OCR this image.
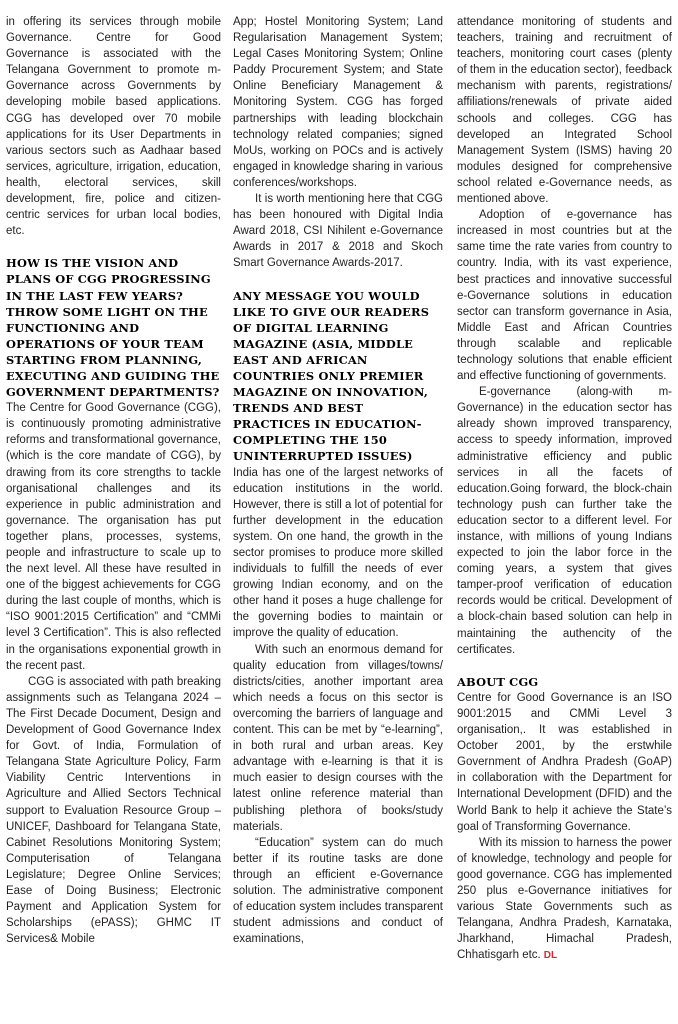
in offering its services through mobile Governance. Centre for Good Governance is associated with the Telangana Government to promote m-Governance across Governments by developing mobile based applications. CGG has developed over 70 mobile applications for its User Departments in various sectors such as Aadhaar based services, agriculture, irrigation, education, health, electoral services, skill development, fire, police and citizen-centric services for urban local bodies, etc.

HOW IS THE VISION AND PLANS OF CGG PROGRESSING IN THE LAST FEW YEARS? THROW SOME LIGHT ON THE FUNCTIONING AND OPERATIONS OF YOUR TEAM STARTING FROM PLANNING, EXECUTING AND GUIDING THE GOVERNMENT DEPARTMENTS?

The Centre for Good Governance (CGG), is continuously promoting administrative reforms and transformational governance, (which is the core mandate of CGG), by drawing from its core strengths to tackle organisational challenges and its experience in public administration and governance. The organisation has put together plans, processes, systems, people and infrastructure to scale up to the next level. All these have resulted in one of the biggest achievements for CGG during the last couple of months, which is “ISO 9001:2015 Certification” and “CMMi level 3 Certification”. This is also reflected in the organisations exponential growth in the recent past.

CGG is associated with path breaking assignments such as Telangana 2024 – The First Decade Document, Design and Development of Good Governance Index for Govt. of India, Formulation of Telangana State Agriculture Policy, Farm Viability Centric Interventions in Agriculture and Allied Sectors Technical support to Evaluation Resource Group – UNICEF, Dashboard for Telangana State, Cabinet Resolutions Monitoring System; Computerisation of Telangana Legislature; Degree Online Services; Ease of Doing Business; Electronic Payment and Application System for Scholarships (ePASS); GHMC IT Services& Mobile

App; Hostel Monitoring System; Land Regularisation Management System; Legal Cases Monitoring System; Online Paddy Procurement System; and State Online Beneficiary Management & Monitoring System. CGG has forged partnerships with leading blockchain technology related companies; signed MoUs, working on POCs and is actively engaged in knowledge sharing in various conferences/workshops.

It is worth mentioning here that CGG has been honoured with Digital India Award 2018, CSI Nihilent e-Governance Awards in 2017 & 2018 and Skoch Smart Governance Awards-2017.

ANY MESSAGE YOU WOULD LIKE TO GIVE OUR READERS OF DIGITAL LEARNING MAGAZINE (ASIA, MIDDLE EAST AND AFRICAN COUNTRIES ONLY PREMIER MAGAZINE ON INNOVATION, TRENDS AND BEST PRACTICES IN EDUCATION-COMPLETING THE 150 UNINTERRUPTED ISSUES)

India has one of the largest networks of education institutions in the world. However, there is still a lot of potential for further development in the education system. On one hand, the growth in the sector promises to produce more skilled individuals to fulfill the needs of ever growing Indian economy, and on the other hand it poses a huge challenge for the governing bodies to maintain or improve the quality of education.

With such an enormous demand for quality education from villages/towns/ districts/cities, another important area which needs a focus on this sector is overcoming the barriers of language and content. This can be met by “e-learning”, in both rural and urban areas. Key advantage with e-learning is that it is much easier to design courses with the latest online reference material than publishing plethora of books/study materials.

“Education” system can do much better if its routine tasks are done through an efficient e-Governance solution. The administrative component of education system includes transparent student admissions and conduct of examinations,

attendance monitoring of students and teachers, training and recruitment of teachers, monitoring court cases (plenty of them in the education sector), feedback mechanism with parents, registrations/ affiliations/renewals of private aided schools and colleges. CGG has developed an Integrated School Management System (ISMS) having 20 modules designed for comprehensive school related e-Governance needs, as mentioned above.

Adoption of e-governance has increased in most countries but at the same time the rate varies from country to country. India, with its vast experience, best practices and innovative successful e-Governance solutions in education sector can transform governance in Asia, Middle East and African Countries through scalable and replicable technology solutions that enable efficient and effective functioning of governments.

E-governance (along-with m-Governance) in the education sector has already shown improved transparency, access to speedy information, improved administrative efficiency and public services in all the facets of education.Going forward, the block-chain technology push can further take the education sector to a different level. For instance, with millions of young Indians expected to join the labor force in the coming years, a system that gives tamper-proof verification of education records would be critical. Development of a block-chain based solution can help in maintaining the authencity of the certificates.

ABOUT CGG

Centre for Good Governance is an ISO 9001:2015 and CMMi Level 3 organisation,. It was established in October 2001, by the erstwhile Government of Andhra Pradesh (GoAP) in collaboration with the Department for International Development (DFID) and the World Bank to help it achieve the State’s goal of Transforming Governance.

With its mission to harness the power of knowledge, technology and people for good governance. CGG has implemented 250 plus e-Governance initiatives for various State Governments such as Telangana, Andhra Pradesh, Karnataka, Jharkhand, Himachal Pradesh, Chhatisgarh etc. DL
